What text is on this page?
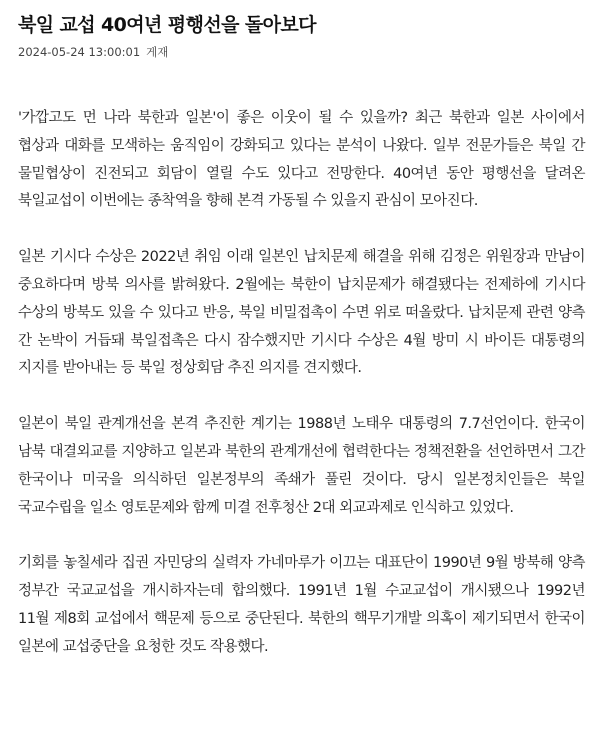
북일 교섭 40여년 평행선을 돌아보다
2024-05-24 13:00:01 게재

'가깝고도 먼 나라 북한과 일본'이 좋은 이웃이 될 수 있을까? 최근 북한과 일본 사이에서 협상과 대화를 모색하는 움직임이 강화되고 있다는 분석이 나왔다. 일부 전문가들은 북일 간 물밑협상이 진전되고 회담이 열릴 수도 있다고 전망한다. 40여년 동안 평행선을 달려온 북일교섭이 이번에는 종착역을 향해 본격 가동될 수 있을지 관심이 모아진다.

일본 기시다 수상은 2022년 취임 이래 일본인 납치문제 해결을 위해 김정은 위원장과 만남이 중요하다며 방북 의사를 밝혀왔다. 2월에는 북한이 납치문제가 해결됐다는 전제하에 기시다 수상의 방북도 있을 수 있다고 반응, 북일 비밀접촉이 수면 위로 떠올랐다. 납치문제 관련 양측 간 논박이 거듭돼 북일접촉은 다시 잠수했지만 기시다 수상은 4월 방미 시 바이든 대통령의 지지를 받아내는 등 북일 정상회담 추진 의지를 견지했다.

일본이 북일 관계개선을 본격 추진한 계기는 1988년 노태우 대통령의 7.7선언이다. 한국이 남북 대결외교를 지양하고 일본과 북한의 관계개선에 협력한다는 정책전환을 선언하면서 그간 한국이나 미국을 의식하던 일본정부의 족쇄가 풀린 것이다. 당시 일본정치인들은 북일 국교수립을 일소 영토문제와 함께 미결 전후청산 2대 외교과제로 인식하고 있었다.

기회를 놓칠세라 집권 자민당의 실력자 가네마루가 이끄는 대표단이 1990년 9월 방북해 양측 정부간 국교교섭을 개시하자는데 합의했다. 1991년 1월 수교교섭이 개시됐으나 1992년 11월 제8회 교섭에서 핵문제 등으로 중단된다. 북한의 핵무기개발 의혹이 제기되면서 한국이 일본에 교섭중단을 요청한 것도 작용했다.
